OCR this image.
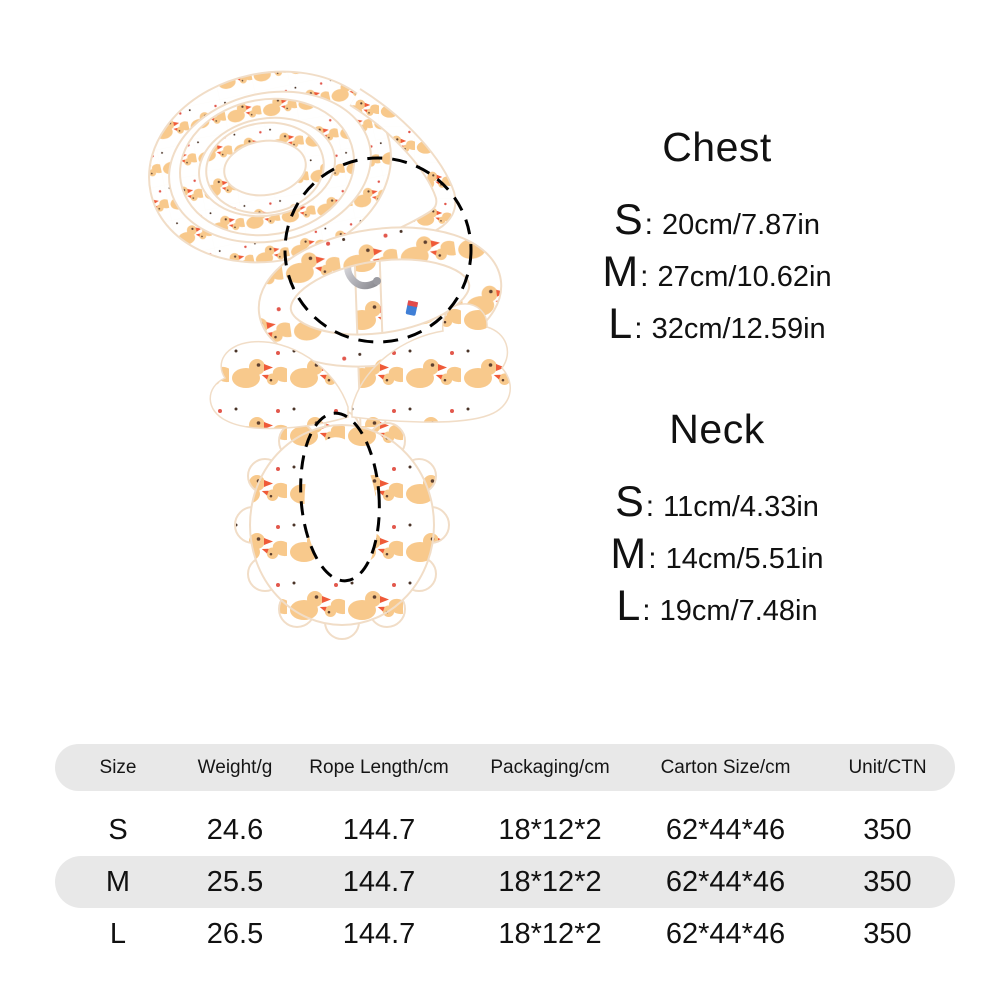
Chest
S : 20cm/7.87in
M : 27cm/10.62in
L : 32cm/12.59in
Neck
S : 11cm/4.33in
M : 14cm/5.51in
L : 19cm/7.48in
Size	Weight/g	Rope Length/cm	Packaging/cm	Carton Size/cm	Unit/CTN
S	24.6	144.7	18*12*2	62*44*46	350
M	25.5	144.7	18*12*2	62*44*46	350
L	26.5	144.7	18*12*2	62*44*46	350
